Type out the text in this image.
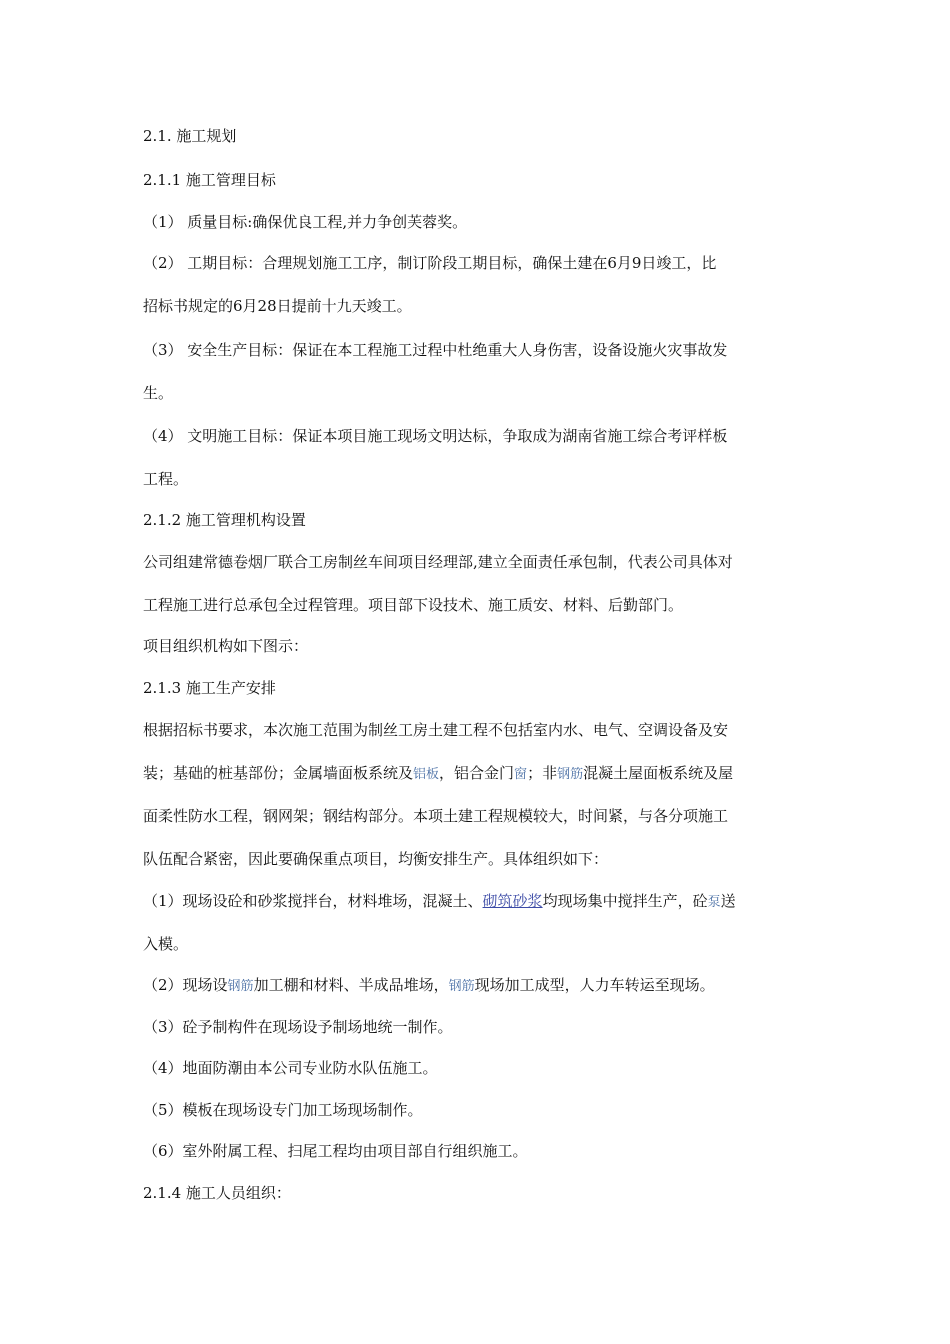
2.1. 施工规划
2.1.1 施工管理目标
（1） 质量目标:确保优良工程,并力争创芙蓉奖。
（2） 工期目标：合理规划施工工序，制订阶段工期目标，确保土建在6月9日竣工，比
招标书规定的6月28日提前十九天竣工。
（3） 安全生产目标：保证在本工程施工过程中杜绝重大人身伤害，设备设施火灾事故发
生。
（4） 文明施工目标：保证本项目施工现场文明达标，争取成为湖南省施工综合考评样板
工程。
2.1.2 施工管理机构设置
公司组建常德卷烟厂联合工房制丝车间项目经理部,建立全面责任承包制，代表公司具体对
工程施工进行总承包全过程管理。项目部下设技术、施工质安、材料、后勤部门。
项目组织机构如下图示：
2.1.3 施工生产安排
根据招标书要求，本次施工范围为制丝工房土建工程不包括室内水、电气、空调设备及安
装；基础的桩基部份；金属墙面板系统及铝板，铝合金门窗；非钢筋混凝土屋面板系统及屋
面柔性防水工程，钢网架；钢结构部分。本项土建工程规模较大，时间紧，与各分项施工
队伍配合紧密，因此要确保重点项目，均衡安排生产。具体组织如下：
（1）现场设砼和砂浆搅拌台，材料堆场，混凝土、砌筑砂浆均现场集中搅拌生产，砼泵送
入模。
（2）现场设钢筋加工棚和材料、半成品堆场，钢筋现场加工成型，人力车转运至现场。
（3）砼予制构件在现场设予制场地统一制作。
（4）地面防潮由本公司专业防水队伍施工。
（5）模板在现场设专门加工场现场制作。
（6）室外附属工程、扫尾工程均由项目部自行组织施工。
2.1.4 施工人员组织：
